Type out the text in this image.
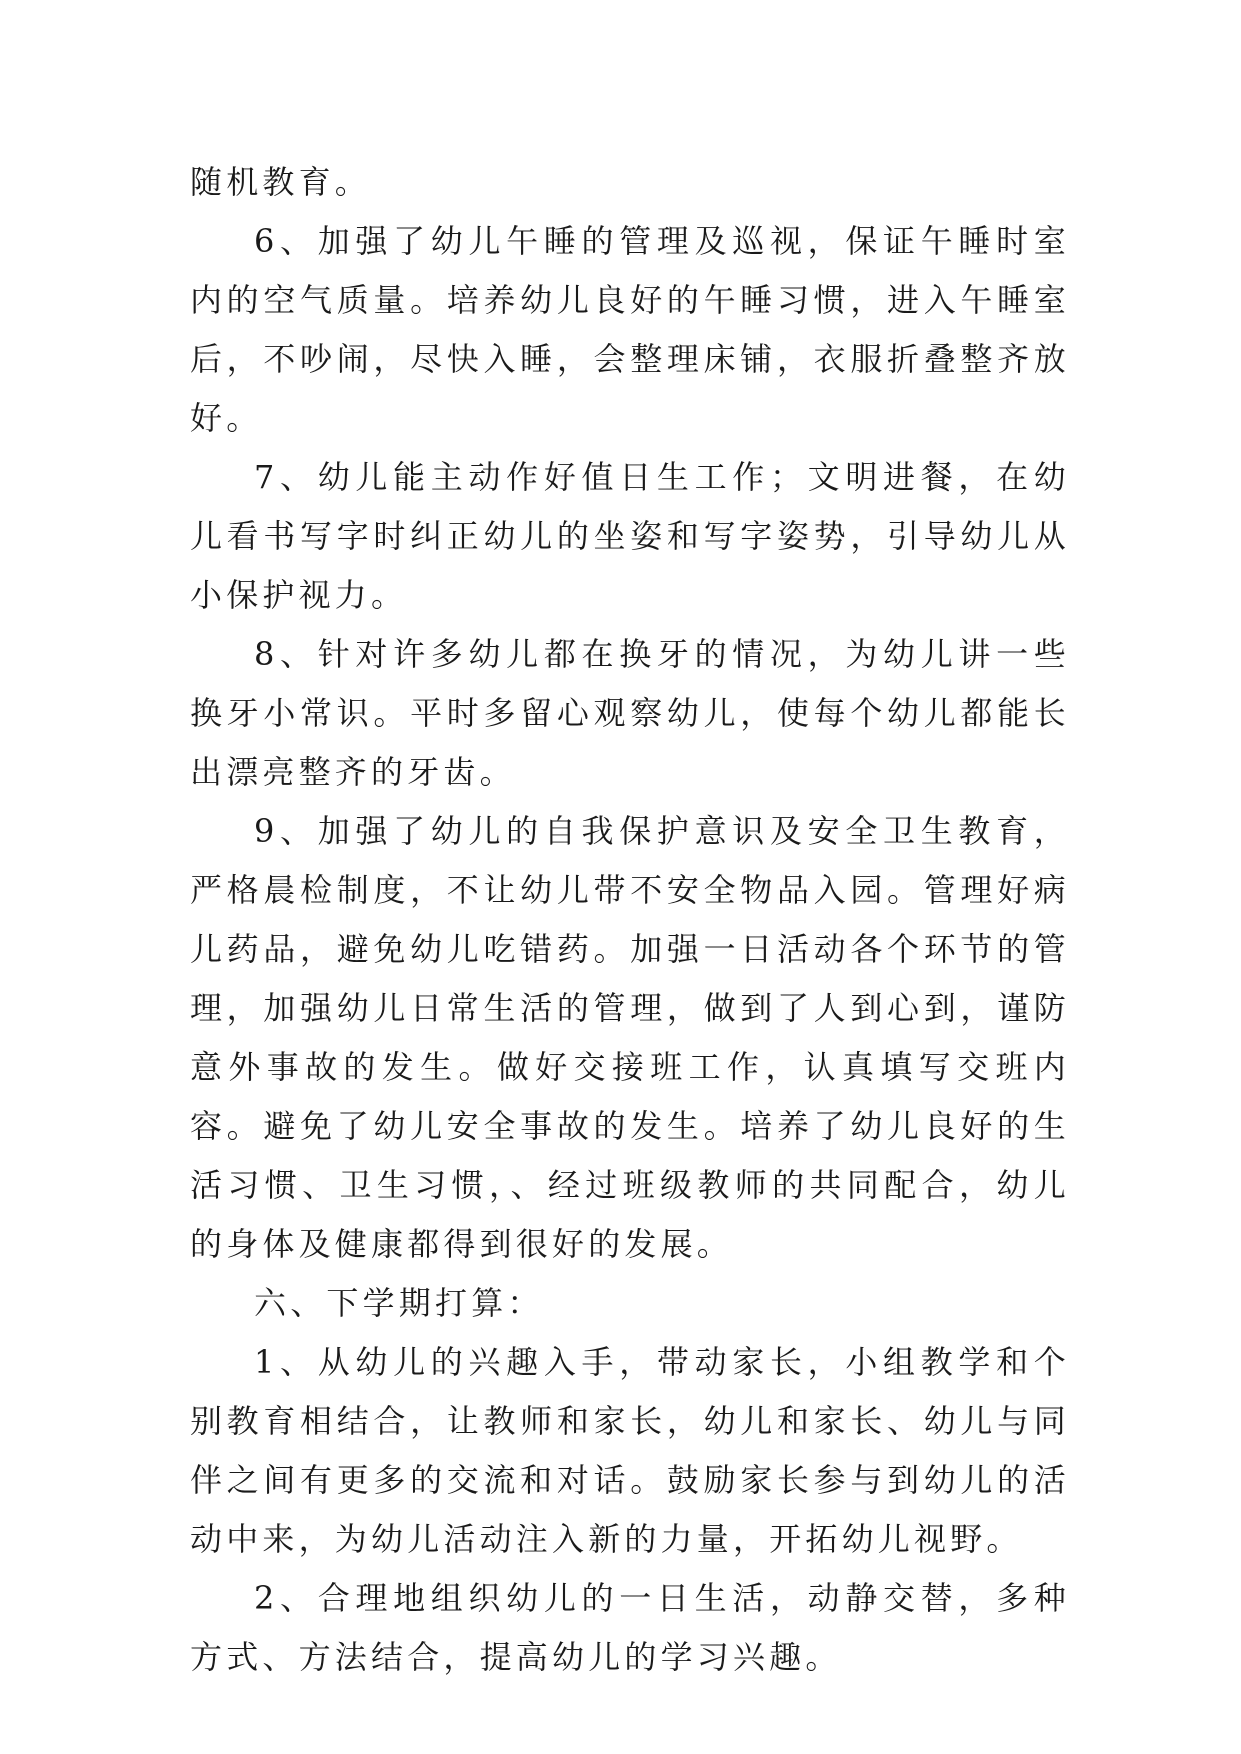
随机教育。

6、加强了幼儿午睡的管理及巡视，保证午睡时室内的空气质量。培养幼儿良好的午睡习惯，进入午睡室后，不吵闹，尽快入睡，会整理床铺，衣服折叠整齐放好。

7、幼儿能主动作好值日生工作；文明进餐，在幼儿看书写字时纠正幼儿的坐姿和写字姿势，引导幼儿从小保护视力。

8、针对许多幼儿都在换牙的情况，为幼儿讲一些换牙小常识。平时多留心观察幼儿，使每个幼儿都能长出漂亮整齐的牙齿。

9、加强了幼儿的自我保护意识及安全卫生教育，严格晨检制度，不让幼儿带不安全物品入园。管理好病儿药品，避免幼儿吃错药。加强一日活动各个环节的管理，加强幼儿日常生活的管理，做到了人到心到，谨防意外事故的发生。做好交接班工作，认真填写交班内容。避免了幼儿安全事故的发生。培养了幼儿良好的生活习惯、卫生习惯，、经过班级教师的共同配合，幼儿的身体及健康都得到很好的发展。

六、下学期打算：

1、从幼儿的兴趣入手，带动家长，小组教学和个别教育相结合，让教师和家长，幼儿和家长、幼儿与同伴之间有更多的交流和对话。鼓励家长参与到幼儿的活动中来，为幼儿活动注入新的力量，开拓幼儿视野。

2、合理地组织幼儿的一日生活，动静交替，多种方式、方法结合，提高幼儿的学习兴趣。
